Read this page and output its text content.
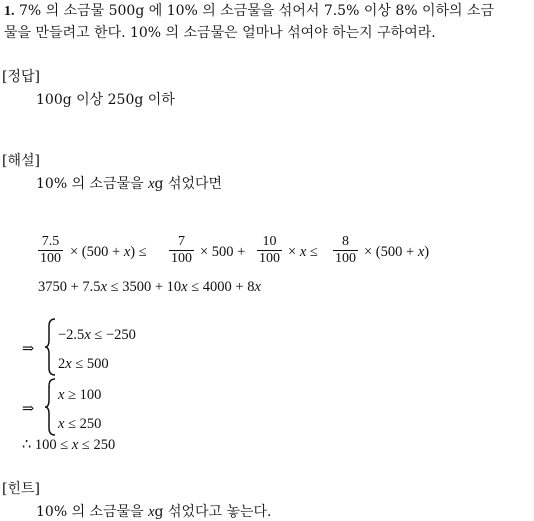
1. 7% 의 소금물 500g 에 10% 의 소금물을 섞어서 7.5% 이상 8% 이하의 소금
물을 만들려고 한다. 10% 의 소금물은 얼마나 섞여야 하는지 구하여라.
[정답]
100g 이상 250g 이하
[해설]
10% 의 소금물을 xg 섞었다면
7.5
100 × (500 + x) ≤
7
100 × 500 +
10
100 × x ≤
8
100 × (500 + x)
3750 + 7.5x ≤ 3500 + 10x ≤ 4000 + 8x
⇒
−2.5x ≤ −250
2x ≤ 500
⇒
x ≥ 100
x ≤ 250
∴ 100 ≤ x ≤ 250
[힌트]
10% 의 소금물을 xg 섞었다고 놓는다.
